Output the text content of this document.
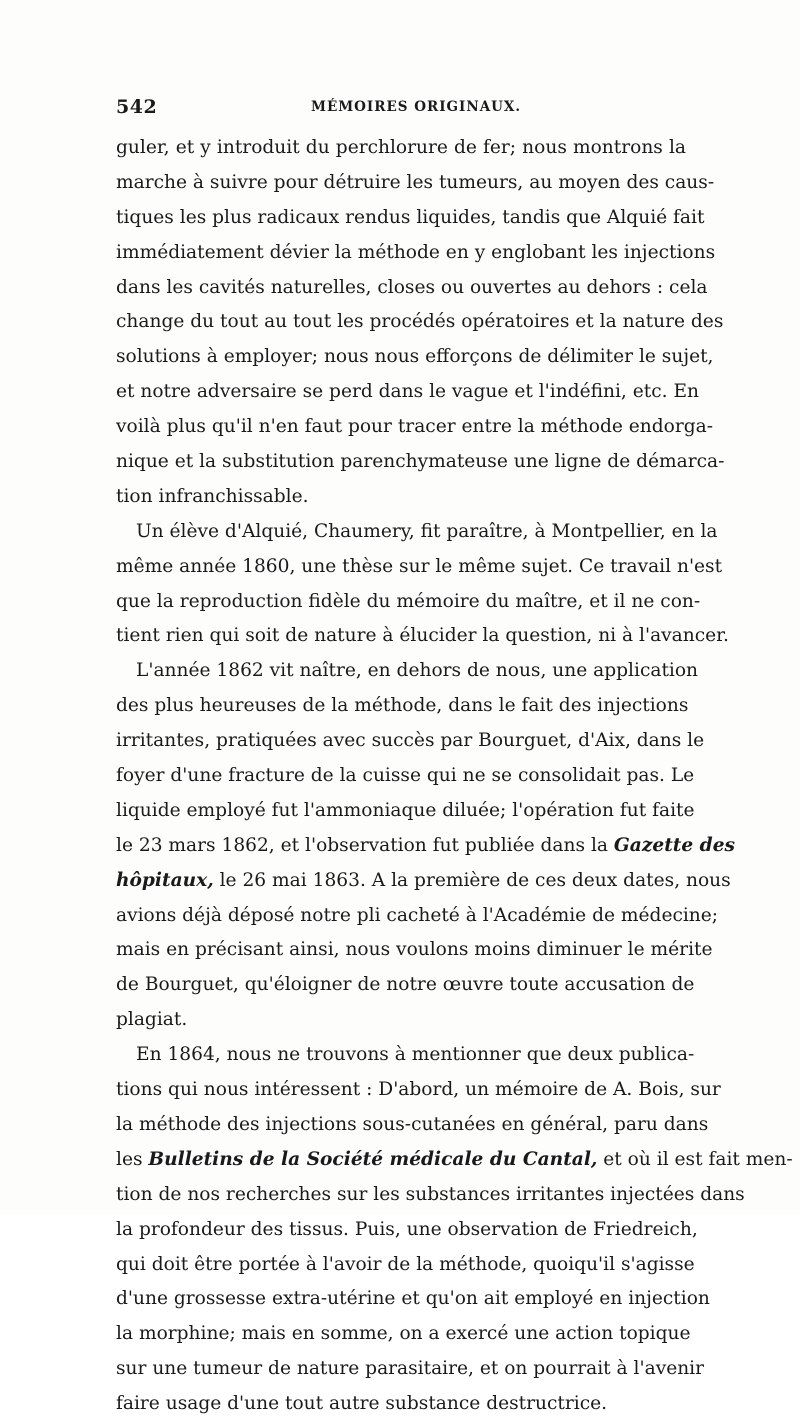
542	MÉMOIRES ORIGINAUX.
guler, et y introduit du perchlorure de fer; nous montrons la
marche à suivre pour détruire les tumeurs, au moyen des caus-
tiques les plus radicaux rendus liquides, tandis que Alquié fait
immédiatement dévier la méthode en y englobant les injections
dans les cavités naturelles, closes ou ouvertes au dehors : cela
change du tout au tout les procédés opératoires et la nature des
solutions à employer; nous nous efforçons de délimiter le sujet,
et notre adversaire se perd dans le vague et l'indéfini, etc. En
voilà plus qu'il n'en faut pour tracer entre la méthode endorga-
nique et la substitution parenchymateuse une ligne de démarca-
tion infranchissable.
Un élève d'Alquié, Chaumery, fit paraître, à Montpellier, en la
même année 1860, une thèse sur le même sujet. Ce travail n'est
que la reproduction fidèle du mémoire du maître, et il ne con-
tient rien qui soit de nature à élucider la question, ni à l'avancer.
L'année 1862 vit naître, en dehors de nous, une application
des plus heureuses de la méthode, dans le fait des injections
irritantes, pratiquées avec succès par Bourguet, d'Aix, dans le
foyer d'une fracture de la cuisse qui ne se consolidait pas. Le
liquide employé fut l'ammoniaque diluée; l'opération fut faite
le 23 mars 1862, et l'observation fut publiée dans la Gazette des
hôpitaux, le 26 mai 1863. A la première de ces deux dates, nous
avions déjà déposé notre pli cacheté à l'Académie de médecine;
mais en précisant ainsi, nous voulons moins diminuer le mérite
de Bourguet, qu'éloigner de notre œuvre toute accusation de
plagiat.
En 1864, nous ne trouvons à mentionner que deux publica-
tions qui nous intéressent : D'abord, un mémoire de A. Bois, sur
la méthode des injections sous-cutanées en général, paru dans
les Bulletins de la Société médicale du Cantal, et où il est fait men-
tion de nos recherches sur les substances irritantes injectées dans
la profondeur des tissus. Puis, une observation de Friedreich,
qui doit être portée à l'avoir de la méthode, quoiqu'il s'agisse
d'une grossesse extra-utérine et qu'on ait employé en injection
la morphine; mais en somme, on a exercé une action topique
sur une tumeur de nature parasitaire, et on pourrait à l'avenir
faire usage d'une tout autre substance destructrice.
